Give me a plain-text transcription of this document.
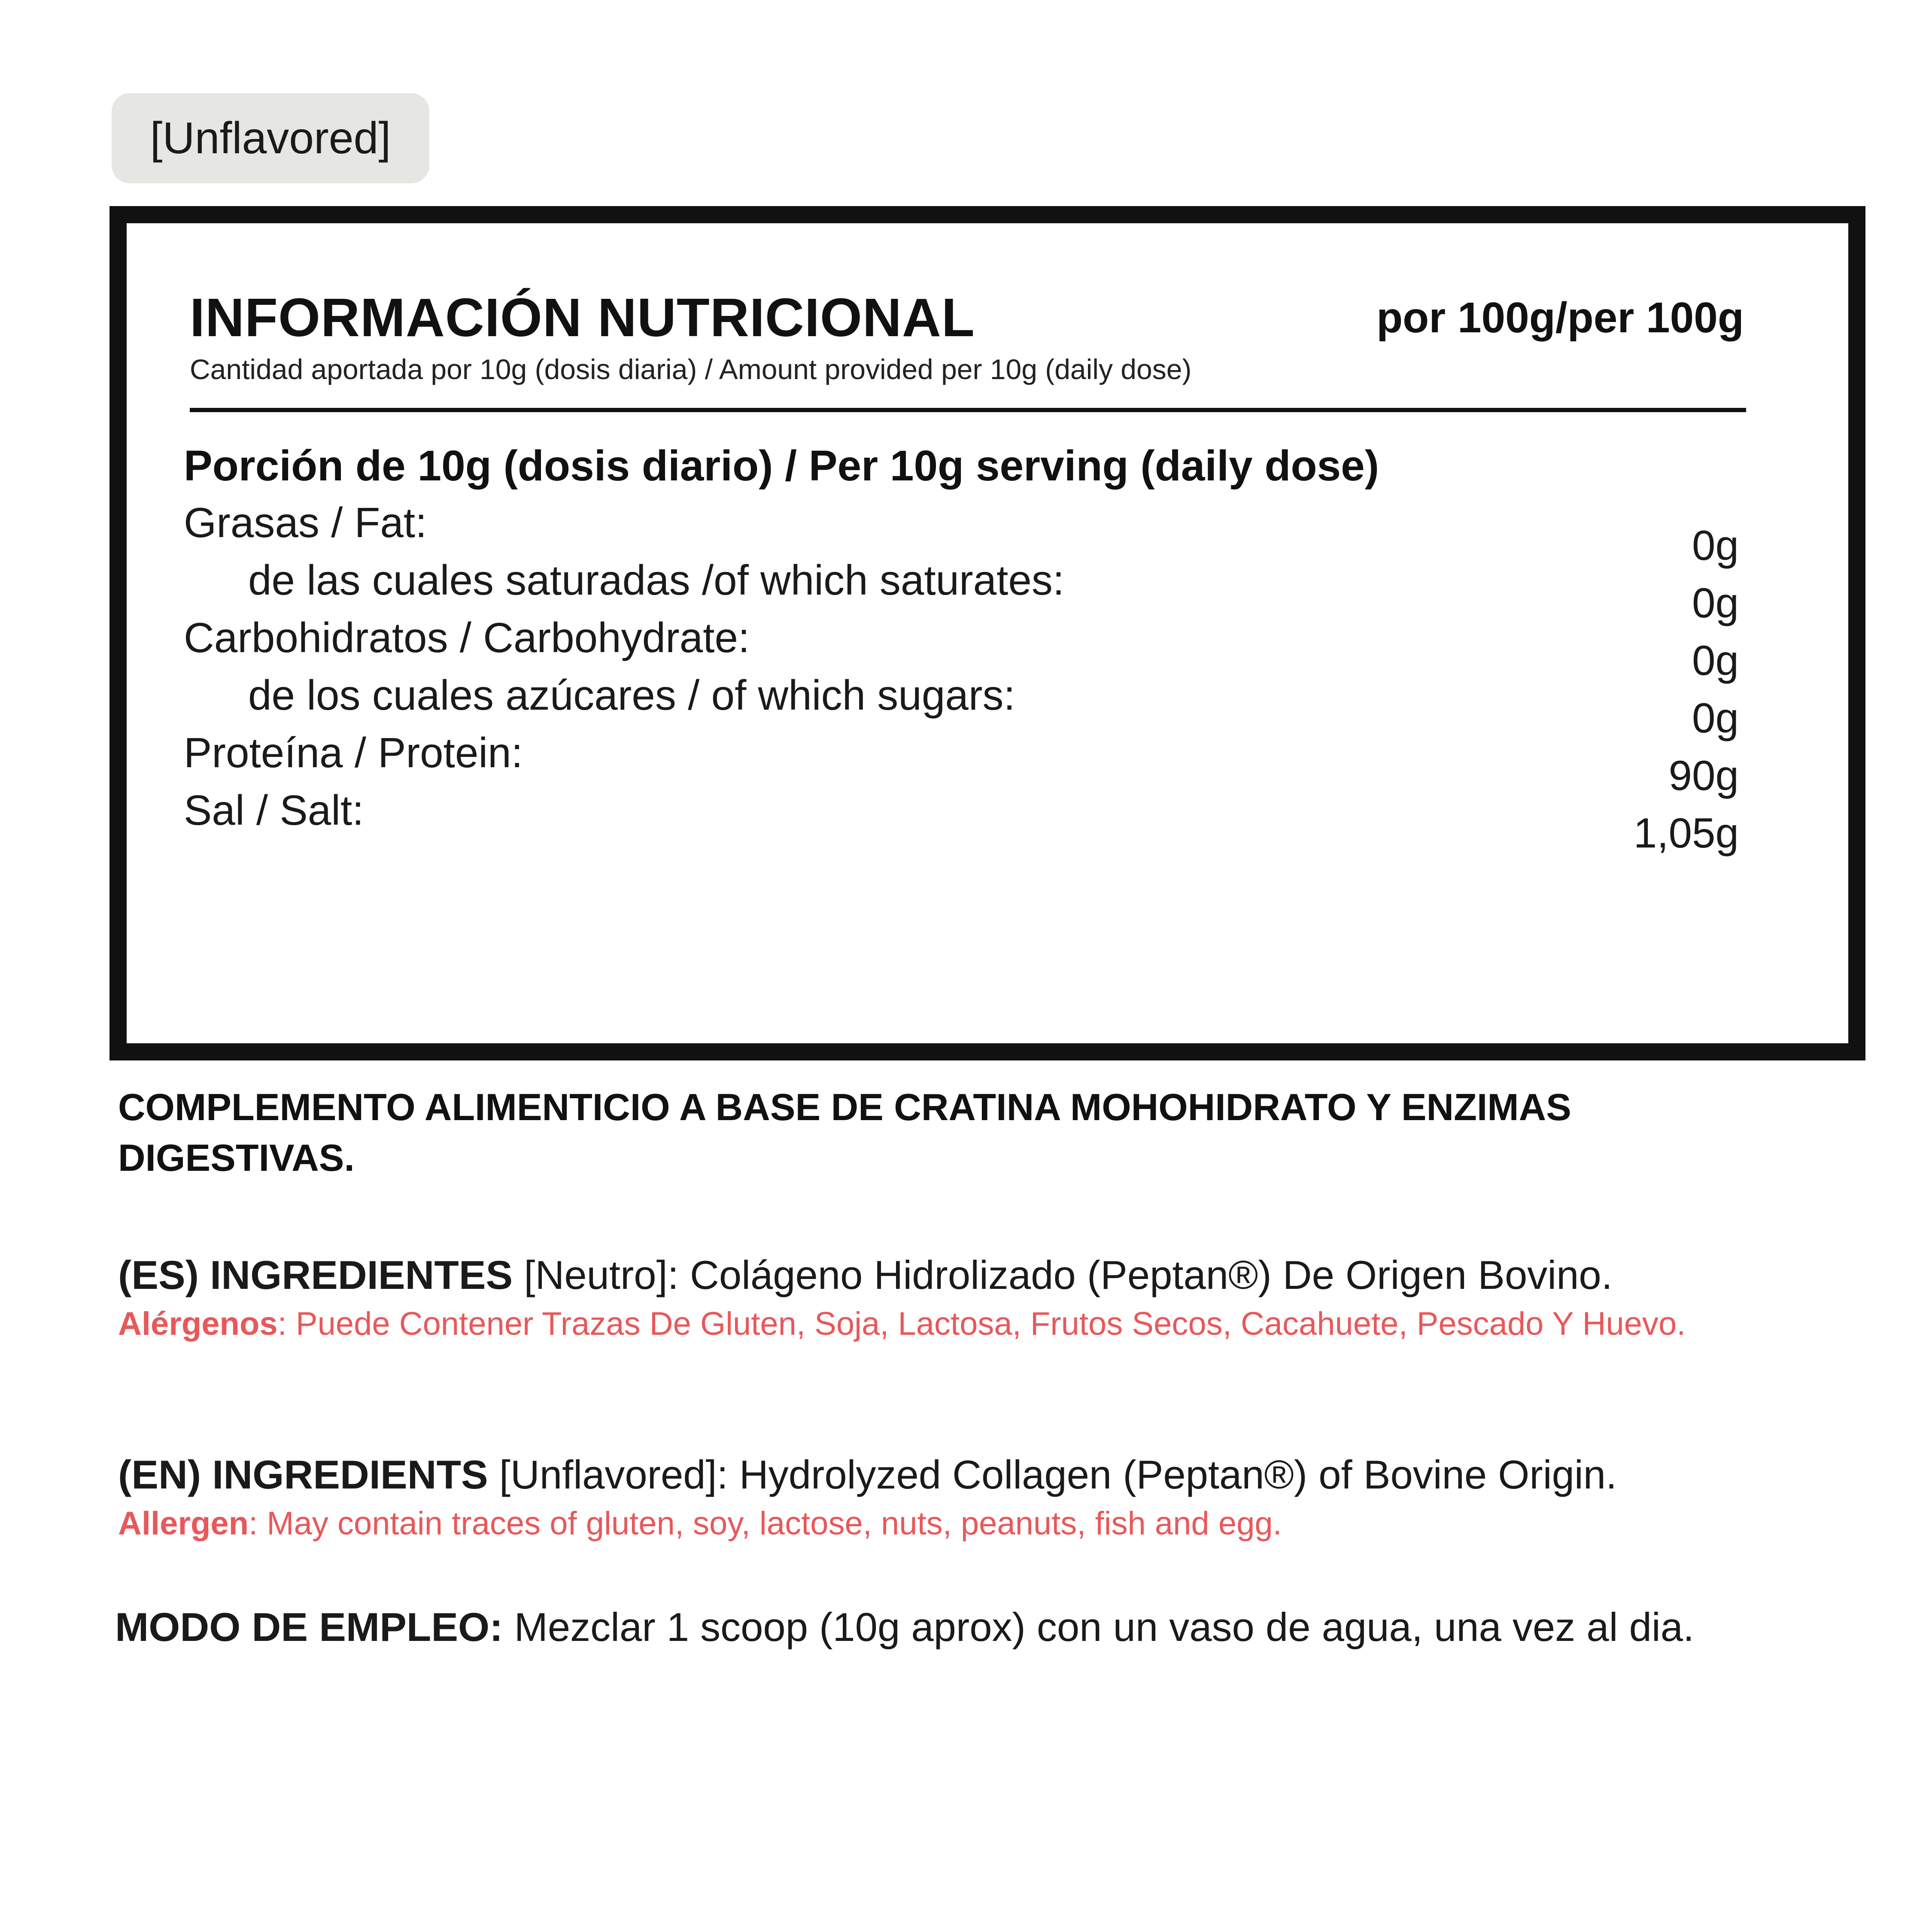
[Unflavored]
INFORMACIÓN NUTRICIONAL	por 100g/per 100g
Cantidad aportada por 10g (dosis diaria) / Amount provided per 10g (daily dose)
Porción de 10g (dosis diario) / Per 10g serving (daily dose)
Grasas / Fat:
de las cuales saturadas /of which saturates:
Carbohidratos / Carbohydrate:
de los cuales azúcares / of which sugars:
Proteína / Protein:
Sal / Salt:
0g
0g
0g
0g
90g
1,05g
COMPLEMENTO ALIMENTICIO A BASE DE CRATINA MOHOHIDRATO Y ENZIMAS DIGESTIVAS.
(ES) INGREDIENTES [Neutro]: Colágeno Hidrolizado (Peptan®) De Origen Bovino.
Alérgenos: Puede Contener Trazas De Gluten, Soja, Lactosa, Frutos Secos, Cacahuete, Pescado Y Huevo.
(EN) INGREDIENTS [Unflavored]: Hydrolyzed Collagen (Peptan®) of Bovine Origin.
Allergen: May contain traces of gluten, soy, lactose, nuts, peanuts, fish and egg.
MODO DE EMPLEO: Mezclar 1 scoop (10g aprox) con un vaso de agua, una vez al dia.
